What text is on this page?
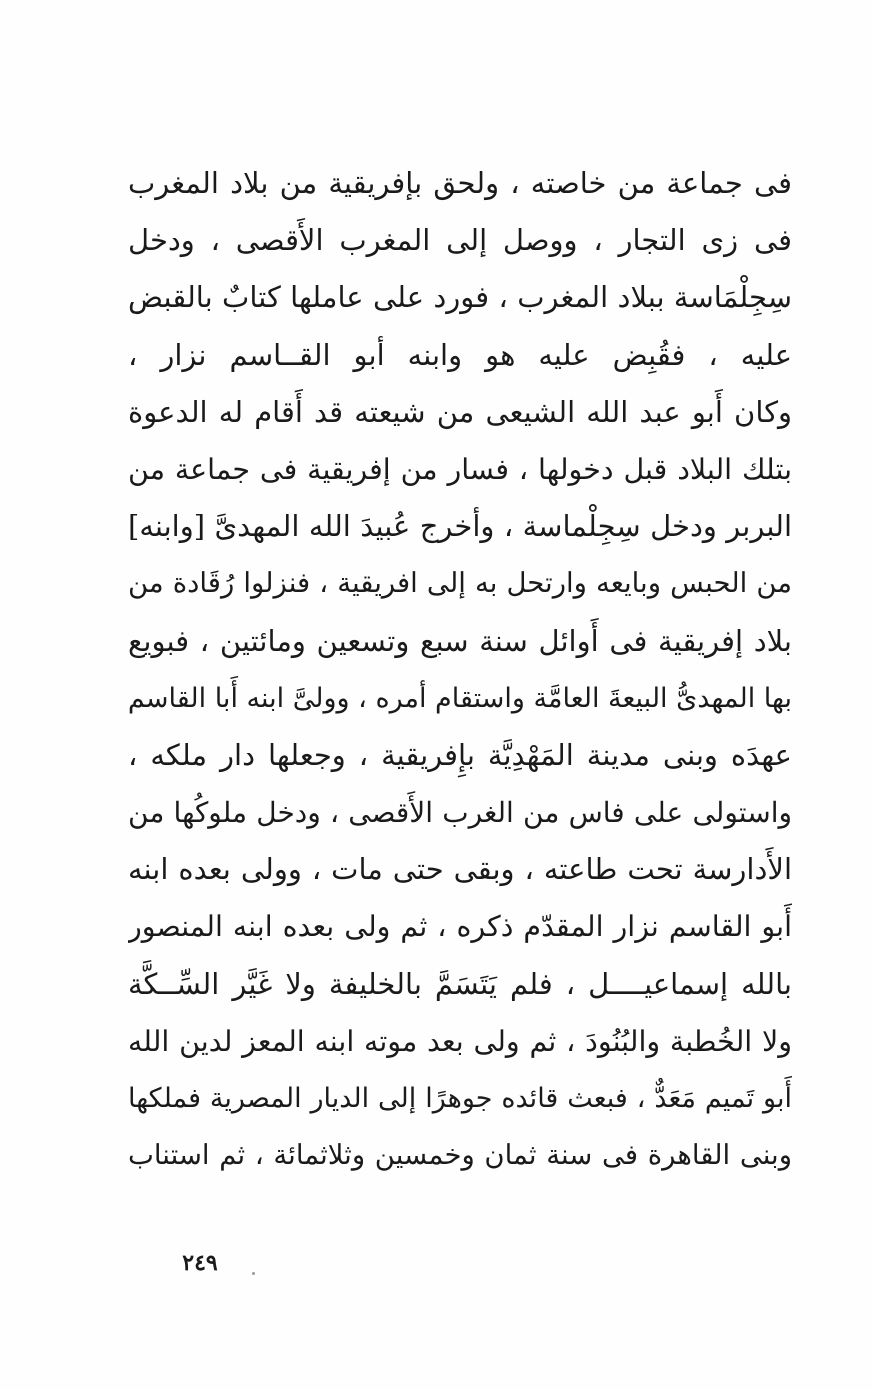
فى جماعة من خاصته ، ولحق بإفريقية من بلاد المغرب
فى زى التجار ، ووصل إلى المغرب الأَقصى ، ودخل
سِجِلْمَاسة ببلاد المغرب ، فورد على عاملها كتابٌ بالقبض
عليه ، فقُبِض عليه هو وابنه أبو القــاسم نزار ،
وكان أَبو عبد الله الشيعى من شيعته قد أَقام له الدعوة
بتلك البلاد قبل دخولها ، فسار من إفريقية فى جماعة من
البربر ودخل سِجِلْماسة ، وأخرج عُبيدَ الله المهدىَّ [وابنه]
من الحبس وبايعه وارتحل به إلى افريقية ، فنزلوا رُقَادة من
بلاد إفريقية فى أَوائل سنة سبع وتسعين ومائتين ، فبويع
بها المهدىُّ البيعةَ العامَّة واستقام أمره ، وولىَّ ابنه أَبا القاسم
عهدَه وبنى مدينة المَهْدِيَّة بإِفريقية ، وجعلها دار ملكه ،
واستولى على فاس من الغرب الأَقصى ، ودخل ملوكُها من
الأَدارسة تحت طاعته ، وبقى حتى مات ، وولى بعده ابنه
أَبو القاسم نزار المقدّم ذكره ، ثم ولى بعده ابنه المنصور
بالله إسماعيــــل ، فلم يَتَسَمَّ بالخليفة ولا غَيَّر السِّــكَّة
ولا الخُطبة والبُنُودَ ، ثم ولى بعد موته ابنه المعز لدين الله
أَبو تَميم مَعَدٌّ ، فبعث قائده جوهرًا إلى الديار المصرية فملكها
وبنى القاهرة فى سنة ثمان وخمسين وثلاثمائة ، ثم استناب
٢٤٩
